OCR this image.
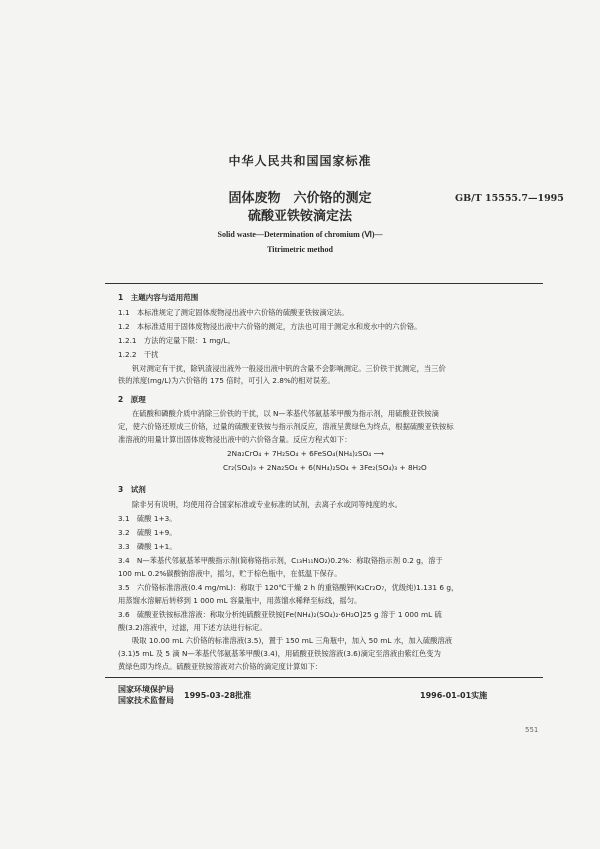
中华人民共和国国家标准
固体废物　六价铬的测定
硫酸亚铁铵滴定法
GB/T 15555.7—1995
Solid waste—Determination of chromium (Ⅵ)—
Titrimetric method
1　主题内容与适用范围
1.1　本标准规定了测定固体废物浸出液中六价铬的硫酸亚铁铵滴定法。
1.2　本标准适用于固体废物浸出液中六价铬的测定，方法也可用于测定水和废水中的六价铬。
1.2.1　方法的定量下限：1 mg/L。
1.2.2　干扰
钒对测定有干扰，除钒渣浸出液外一般浸出液中钒的含量不会影响测定。三价铁干扰测定，当三价
铁的浓度(mg/L)为六价铬的 175 倍时，可引入 2.8%的相对误差。
2　原理
在硫酸和磷酸介质中消除三价铁的干扰，以 N—苯基代邻氨基苯甲酸为指示剂，用硫酸亚铁铵滴
定，使六价铬还原成三价铬，过量的硫酸亚铁铵与指示剂反应，溶液呈黄绿色为终点，根据硫酸亚铁铵标
准溶液的用量计算出固体废物浸出液中的六价铬含量。反应方程式如下：
2Na₂CrO₄ + 7H₂SO₄ + 6FeSO₄(NH₄)₂SO₄ ⟶
Cr₂(SO₄)₃ + 2Na₂SO₄ + 6(NH₄)₂SO₄ + 3Fe₂(SO₄)₃ + 8H₂O
3　试剂
除非另有说明，均使用符合国家标准或专业标准的试剂，去离子水或同等纯度的水。
3.1　硫酸 1+3。
3.2　硫酸 1+9。
3.3　磷酸 1+1。
3.4　N—苯基代邻氨基苯甲酸指示剂(简称铬指示剂，C₁₃H₁₁NO₂)0.2%：称取铬指示剂 0.2 g，溶于
100 mL 0.2%碳酸钠溶液中，摇匀，贮于棕色瓶中，在低温下保存。
3.5　六价铬标准溶液(0.4 mg/mL)：称取于 120℃干燥 2 h 的重铬酸钾(K₂Cr₂O₇，优级纯)1.131 6 g，
用蒸馏水溶解后转移到 1 000 mL 容量瓶中，用蒸馏水稀释至标线，摇匀。
3.6　硫酸亚铁铵标准溶液：称取分析纯硫酸亚铁铵[Fe(NH₄)₂(SO₄)₂·6H₂O]25 g 溶于 1 000 mL 硫
酸(3.2)溶液中，过滤，用下述方法进行标定。
吸取 10.00 mL 六价铬的标准溶液(3.5)，置于 150 mL 三角瓶中，加入 50 mL 水，加入硫酸溶液
(3.1)5 mL 及 5 滴 N—苯基代邻氨基苯甲酸(3.4)，用硫酸亚铁铵溶液(3.6)滴定至溶液由紫红色变为
黄绿色即为终点。硫酸亚铁铵溶液对六价铬的滴定度计算如下：
国家环境保护局
国家技术监督局
1995-03-28批准	1996-01-01实施
551
